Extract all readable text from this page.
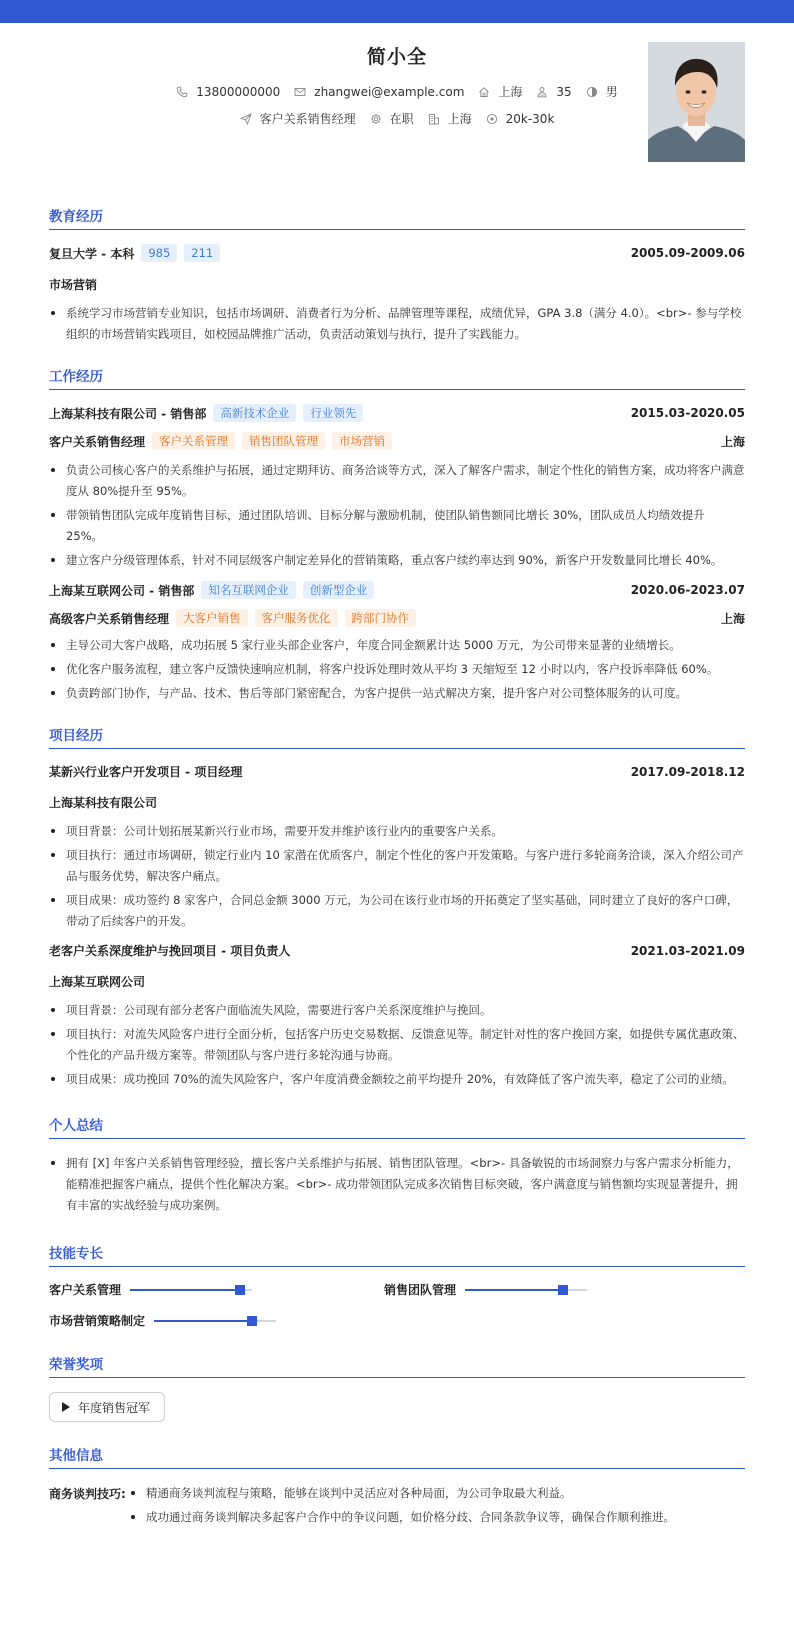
简小全
13800000000	zhangwei@example.com	上海	35	男
客户关系销售经理	在职	上海	20k-30k
教育经历
复旦大学 - 本科	985	211	2005.09-2009.06
市场营销
系统学习市场营销专业知识，包括市场调研、消费者行为分析、品牌管理等课程，成绩优异，GPA 3.8（满分 4.0）。<br>- 参与学校组织的市场营销实践项目，如校园品牌推广活动，负责活动策划与执行，提升了实践能力。
工作经历
上海某科技有限公司 - 销售部	高新技术企业	行业领先	2015.03-2020.05
客户关系销售经理	客户关系管理	销售团队管理	市场营销	上海
负责公司核心客户的关系维护与拓展，通过定期拜访、商务洽谈等方式，深入了解客户需求，制定个性化的销售方案，成功将客户满意度从 80%提升至 95%。
带领销售团队完成年度销售目标，通过团队培训、目标分解与激励机制，使团队销售额同比增长 30%，团队成员人均绩效提升 25%。
建立客户分级管理体系，针对不同层级客户制定差异化的营销策略，重点客户续约率达到 90%，新客户开发数量同比增长 40%。
上海某互联网公司 - 销售部	知名互联网企业	创新型企业	2020.06-2023.07
高级客户关系销售经理	大客户销售	客户服务优化	跨部门协作	上海
主导公司大客户战略，成功拓展 5 家行业头部企业客户，年度合同金额累计达 5000 万元，为公司带来显著的业绩增长。
优化客户服务流程，建立客户反馈快速响应机制，将客户投诉处理时效从平均 3 天缩短至 12 小时以内，客户投诉率降低 60%。
负责跨部门协作，与产品、技术、售后等部门紧密配合，为客户提供一站式解决方案，提升客户对公司整体服务的认可度。
项目经历
某新兴行业客户开发项目 - 项目经理	2017.09-2018.12
上海某科技有限公司
项目背景：公司计划拓展某新兴行业市场，需要开发并维护该行业内的重要客户关系。
项目执行：通过市场调研，锁定行业内 10 家潜在优质客户，制定个性化的客户开发策略。与客户进行多轮商务洽谈，深入介绍公司产品与服务优势，解决客户痛点。
项目成果：成功签约 8 家客户，合同总金额 3000 万元，为公司在该行业市场的开拓奠定了坚实基础，同时建立了良好的客户口碑，带动了后续客户的开发。
老客户关系深度维护与挽回项目 - 项目负责人	2021.03-2021.09
上海某互联网公司
项目背景：公司现有部分老客户面临流失风险，需要进行客户关系深度维护与挽回。
项目执行：对流失风险客户进行全面分析，包括客户历史交易数据、反馈意见等。制定针对性的客户挽回方案，如提供专属优惠政策、个性化的产品升级方案等。带领团队与客户进行多轮沟通与协商。
项目成果：成功挽回 70%的流失风险客户，客户年度消费金额较之前平均提升 20%，有效降低了客户流失率，稳定了公司的业绩。
个人总结
拥有 [X] 年客户关系销售管理经验，擅长客户关系维护与拓展、销售团队管理。<br>- 具备敏锐的市场洞察力与客户需求分析能力，能精准把握客户痛点，提供个性化解决方案。<br>- 成功带领团队完成多次销售目标突破，客户满意度与销售额均实现显著提升，拥有丰富的实战经验与成功案例。
技能专长
客户关系管理	销售团队管理
市场营销策略制定
荣誉奖项
年度销售冠军
其他信息
商务谈判技巧:	精通商务谈判流程与策略，能够在谈判中灵活应对各种局面，为公司争取最大利益。
成功通过商务谈判解决多起客户合作中的争议问题，如价格分歧、合同条款争议等，确保合作顺利推进。
